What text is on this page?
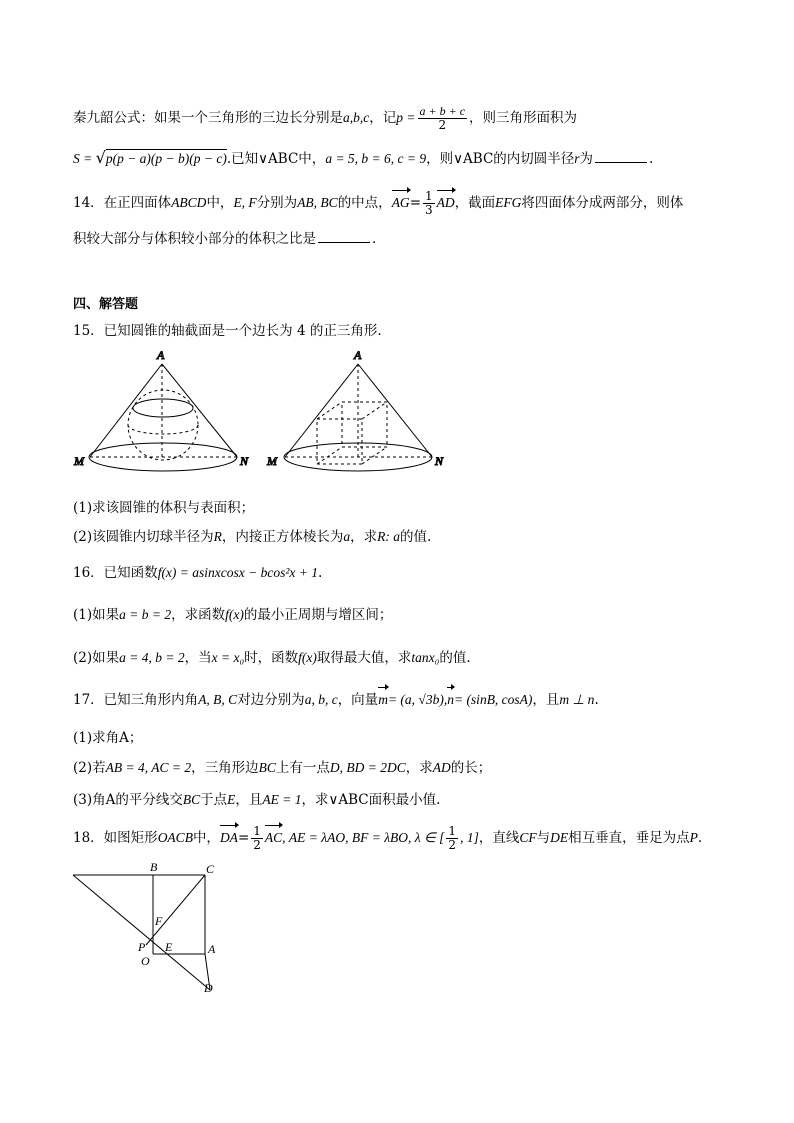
秦九韶公式：如果一个三角形的三边长分别是a,b,c，记$p = \frac{a + b + c}{2}$ ，则三角形面积为
S = √p(p − a)(p − b)(p − c).已知∨ABC中，a = 5, b = 6, c = 9，则∨ABC的内切圆半径r为	.
14．在正四面体ABCD中，E, F分别为AB, BC的中点，$AG= \frac{1}{3}$ AD，截面EFG将四面体分成两部分，则体
积较大部分与体积较小部分的体积之比是	.
四、解答题
15．已知圆锥的轴截面是一个边长为 4 的正三角形.
A
M	N
A
M	N
(1)求该圆锥的体积与表面积；
(2)该圆锥内切球半径为R，内接正方体棱长为a，求R: a的值.
16．已知函数f(x) = asinxcosx − bcos²x + 1.
(1)如果a = b = 2，求函数f(x)的最小正周期与增区间；
(2)如果a = 4, b = 2，当x = x₀时，函数f(x)取得最大值，求tanx₀的值.
17．已知三角形内角A, B, C对边分别为a, b, c，向量m= (a, √3b),n= (sinB, cosA)，且m ⊥ n.
(1)求角A；
(2)若AB = 4, AC = 2，三角形边BC上有一点D, BD = 2DC，求AD的长；
(3)角A的平分线交BC于点E，且AE = 1，求∨ABC面积最小值.
18．如图矩形OACB中，$DA= \frac{1}{2}$ AC, AE = λAO, BF = λBO, λ ∈ [ $\frac{1}{2}$ , 1]，直线CF与DE相互垂直，垂足为点P.
B	C
F
P E	A
O
D
